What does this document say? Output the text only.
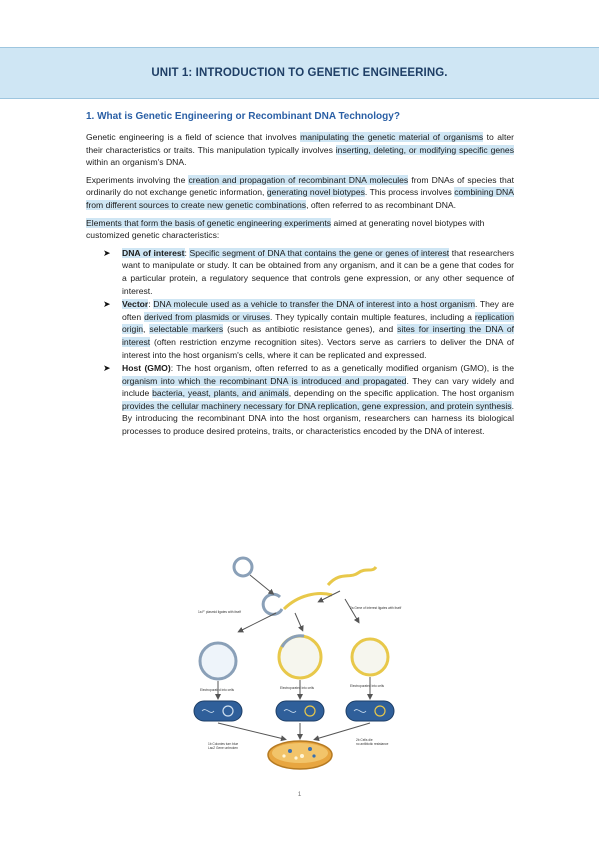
UNIT 1: INTRODUCTION TO GENETIC ENGINEERING.
1. What is Genetic Engineering or Recombinant DNA Technology?

Genetic engineering is a field of science that involves manipulating the genetic material of organisms to alter their characteristics or traits. This manipulation typically involves inserting, deleting, or modifying specific genes within an organism's DNA.

Experiments involving the creation and propagation of recombinant DNA molecules from DNAs of species that ordinarily do not exchange genetic information, generating novel biotypes. This process involves combining DNA from different sources to create new genetic combinations, often referred to as recombinant DNA.

Elements that form the basis of genetic engineering experiments aimed at generating novel biotypes with customized genetic characteristics:

➤ DNA of interest: Specific segment of DNA that contains the gene or genes of interest that researchers want to manipulate or study. It can be obtained from any organism, and it can be a gene that codes for a particular protein, a regulatory sequence that controls gene expression, or any other sequence of interest.
➤ Vector: DNA molecule used as a vehicle to transfer the DNA of interest into a host organism. They are often derived from plasmids or viruses. They typically contain multiple features, including a replication origin, selectable markers (such as antibiotic resistance genes), and sites for inserting the DNA of interest (often restriction enzyme recognition sites). Vectors serve as carriers to deliver the DNA of interest into the host organism's cells, where it can be replicated and expressed.
➤ Host (GMO): The host organism, often referred to as a genetically modified organism (GMO), is the organism into which the recombinant DNA is introduced and propagated. They can vary widely and include bacteria, yeast, plants, and animals, depending on the specific application. The host organism provides the cellular machinery necessary for DNA replication, gene expression, and protein synthesis. By introducing the recombinant DNA into the host organism, researchers can harness its biological processes to produce desired proteins, traits, or characteristics encoded by the DNA of interest.
1a F' plasmid ligates with itself
2a Gene of interest ligates with itself
Electroporated into cells	Electroporated into cells	Electroporated into cells
1b Colonies turn blue
LacZ Gene unbroken
2b Cells die
no antibiotic resistance
1
